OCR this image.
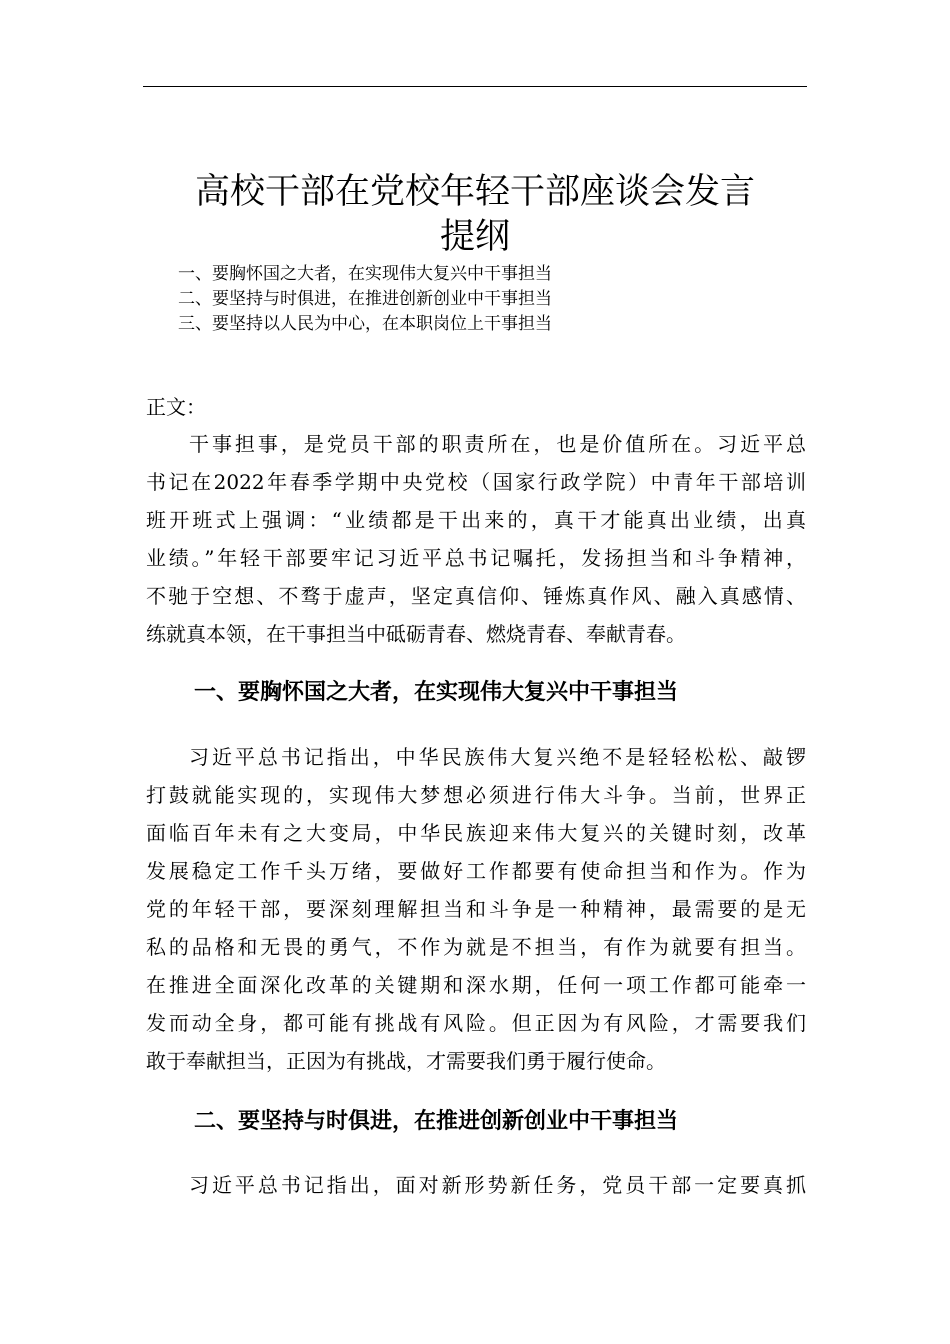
高校干部在党校年轻干部座谈会发言
提纲
一、要胸怀国之大者，在实现伟大复兴中干事担当
二、要坚持与时俱进，在推进创新创业中干事担当
三、要坚持以人民为中心，在本职岗位上干事担当
正文：
干事担事，是党员干部的职责所在，也是价值所在。习近平总
书记在2022年春季学期中央党校（国家行政学院）中青年干部培训
班开班式上强调：“业绩都是干出来的，真干才能真出业绩，出真
业绩。”年轻干部要牢记习近平总书记嘱托，发扬担当和斗争精神，
不驰于空想、不骛于虚声，坚定真信仰、锤炼真作风、融入真感情、
练就真本领，在干事担当中砥砺青春、燃烧青春、奉献青春。
一、要胸怀国之大者，在实现伟大复兴中干事担当
习近平总书记指出，中华民族伟大复兴绝不是轻轻松松、敲锣
打鼓就能实现的，实现伟大梦想必须进行伟大斗争。当前，世界正
面临百年未有之大变局，中华民族迎来伟大复兴的关键时刻，改革
发展稳定工作千头万绪，要做好工作都要有使命担当和作为。作为
党的年轻干部，要深刻理解担当和斗争是一种精神，最需要的是无
私的品格和无畏的勇气，不作为就是不担当，有作为就要有担当。
在推进全面深化改革的关键期和深水期，任何一项工作都可能牵一
发而动全身，都可能有挑战有风险。但正因为有风险，才需要我们
敢于奉献担当，正因为有挑战，才需要我们勇于履行使命。
二、要坚持与时俱进，在推进创新创业中干事担当
习近平总书记指出，面对新形势新任务，党员干部一定要真抓
